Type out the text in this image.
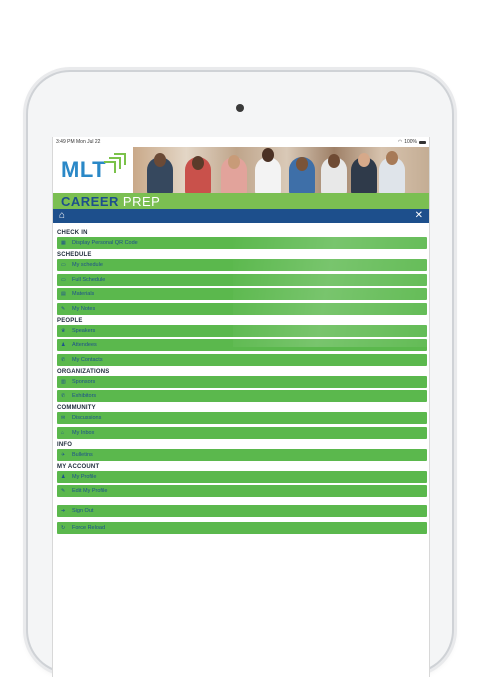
3:49 PM Mon Jul 22	◠ 100%
MLT
CAREER PREP
⌂	✕
CHECK IN
▦	Display Personal QR Code
SCHEDULE
▭	My schedule
▭	Full Schedule
▤	Materials
✎	My Notes
PEOPLE
♛	Speakers
♟	Attendees
✆	My Contacts
ORGANIZATIONS
▥	Sponsors
✆	Exhibitors
COMMUNITY
✉	Discussions
⌂	My Inbox
INFO
✈	Bulletins
MY ACCOUNT
♟	My Profile
✎	Edit My Profile
➜	Sign Out
↻	Force Reload
